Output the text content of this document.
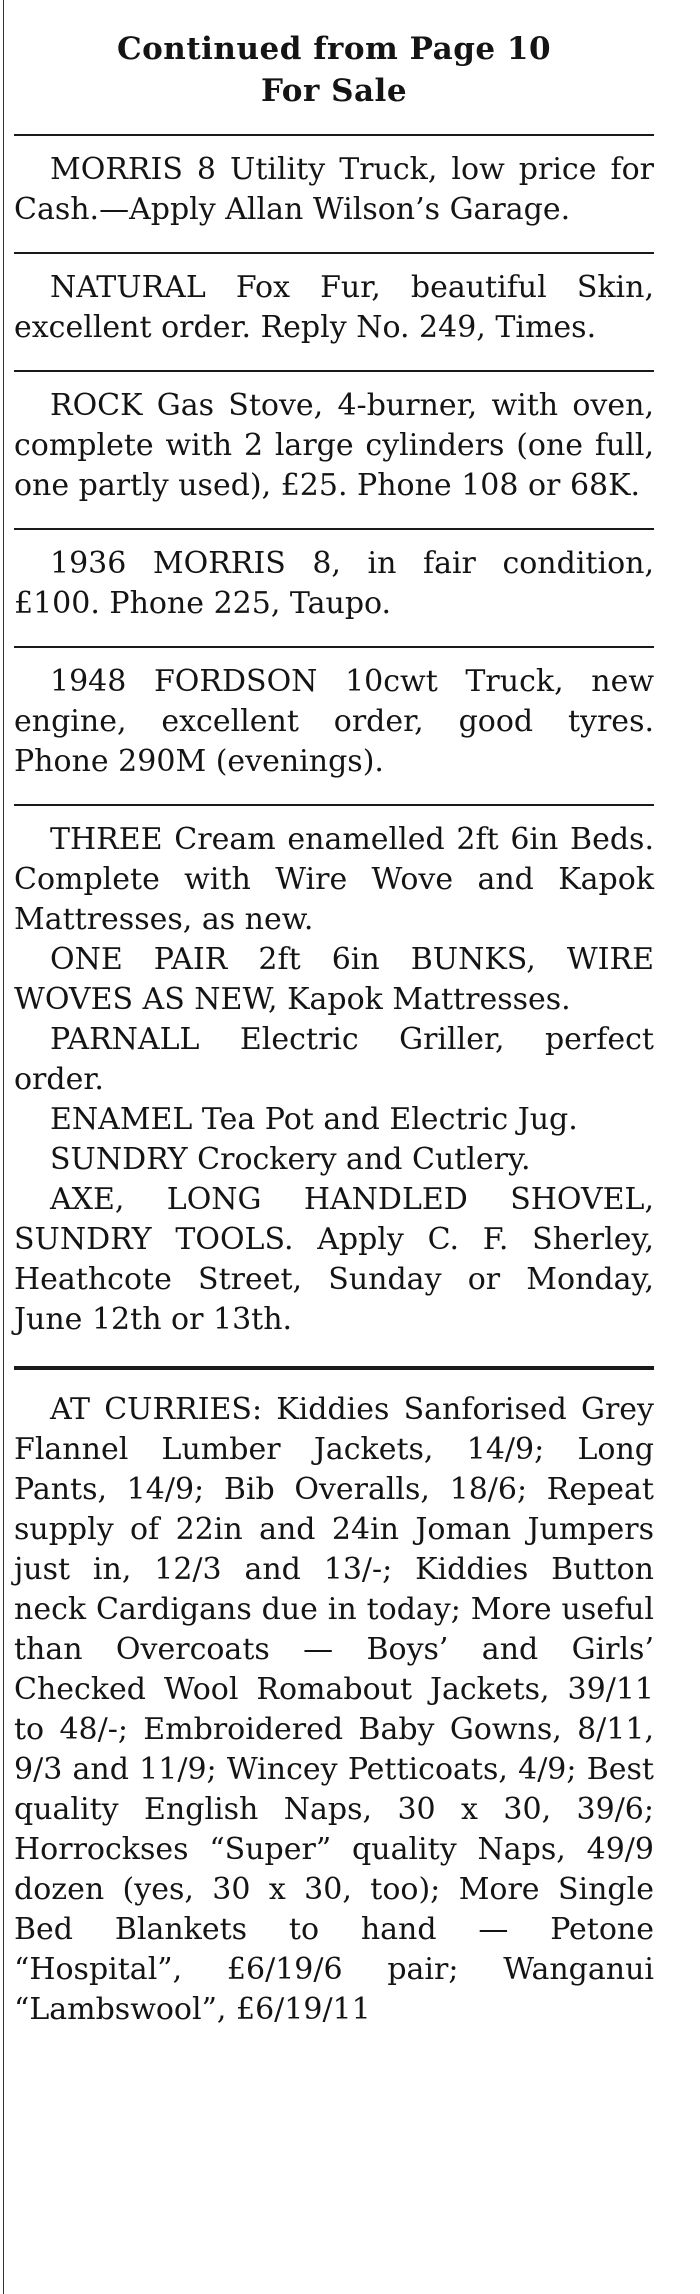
Continued from Page 10
For Sale

MORRIS 8 Utility Truck, low price for Cash.—Apply Allan Wilson’s Garage.

NATURAL Fox Fur, beautiful Skin, excellent order. Reply No. 249, Times.

ROCK Gas Stove, 4-burner, with oven, complete with 2 large cylinders (one full, one partly used), £25. Phone 108 or 68K.

1936 MORRIS 8, in fair condition, £100. Phone 225, Taupo.

1948 FORDSON 10cwt Truck, new engine, excellent order, good tyres. Phone 290M (evenings).

THREE Cream enamelled 2ft 6in Beds. Complete with Wire Wove and Kapok Mattresses, as new.

ONE PAIR 2ft 6in BUNKS, WIRE WOVES AS NEW, Kapok Mattresses.

PARNALL Electric Griller, perfect order.

ENAMEL Tea Pot and Electric Jug.

SUNDRY Crockery and Cutlery.

AXE, LONG HANDLED SHOVEL, SUNDRY TOOLS. Apply C. F. Sherley, Heathcote Street, Sunday or Monday, June 12th or 13th.

AT CURRIES: Kiddies Sanforised Grey Flannel Lumber Jackets, 14/9; Long Pants, 14/9; Bib Overalls, 18/6; Repeat supply of 22in and 24in Joman Jumpers just in, 12/3 and 13/-; Kiddies Button neck Cardigans due in today; More useful than Overcoats — Boys’ and Girls’ Checked Wool Romabout Jackets, 39/11 to 48/-; Embroidered Baby Gowns, 8/11, 9/3 and 11/9; Wincey Petticoats, 4/9; Best quality English Naps, 30 x 30, 39/6; Horrockses “Super” quality Naps, 49/9 dozen (yes, 30 x 30, too); More Single Bed Blankets to hand — Petone “Hospital”, £6/19/6 pair; Wanganui “Lambswool”, £6/19/11
